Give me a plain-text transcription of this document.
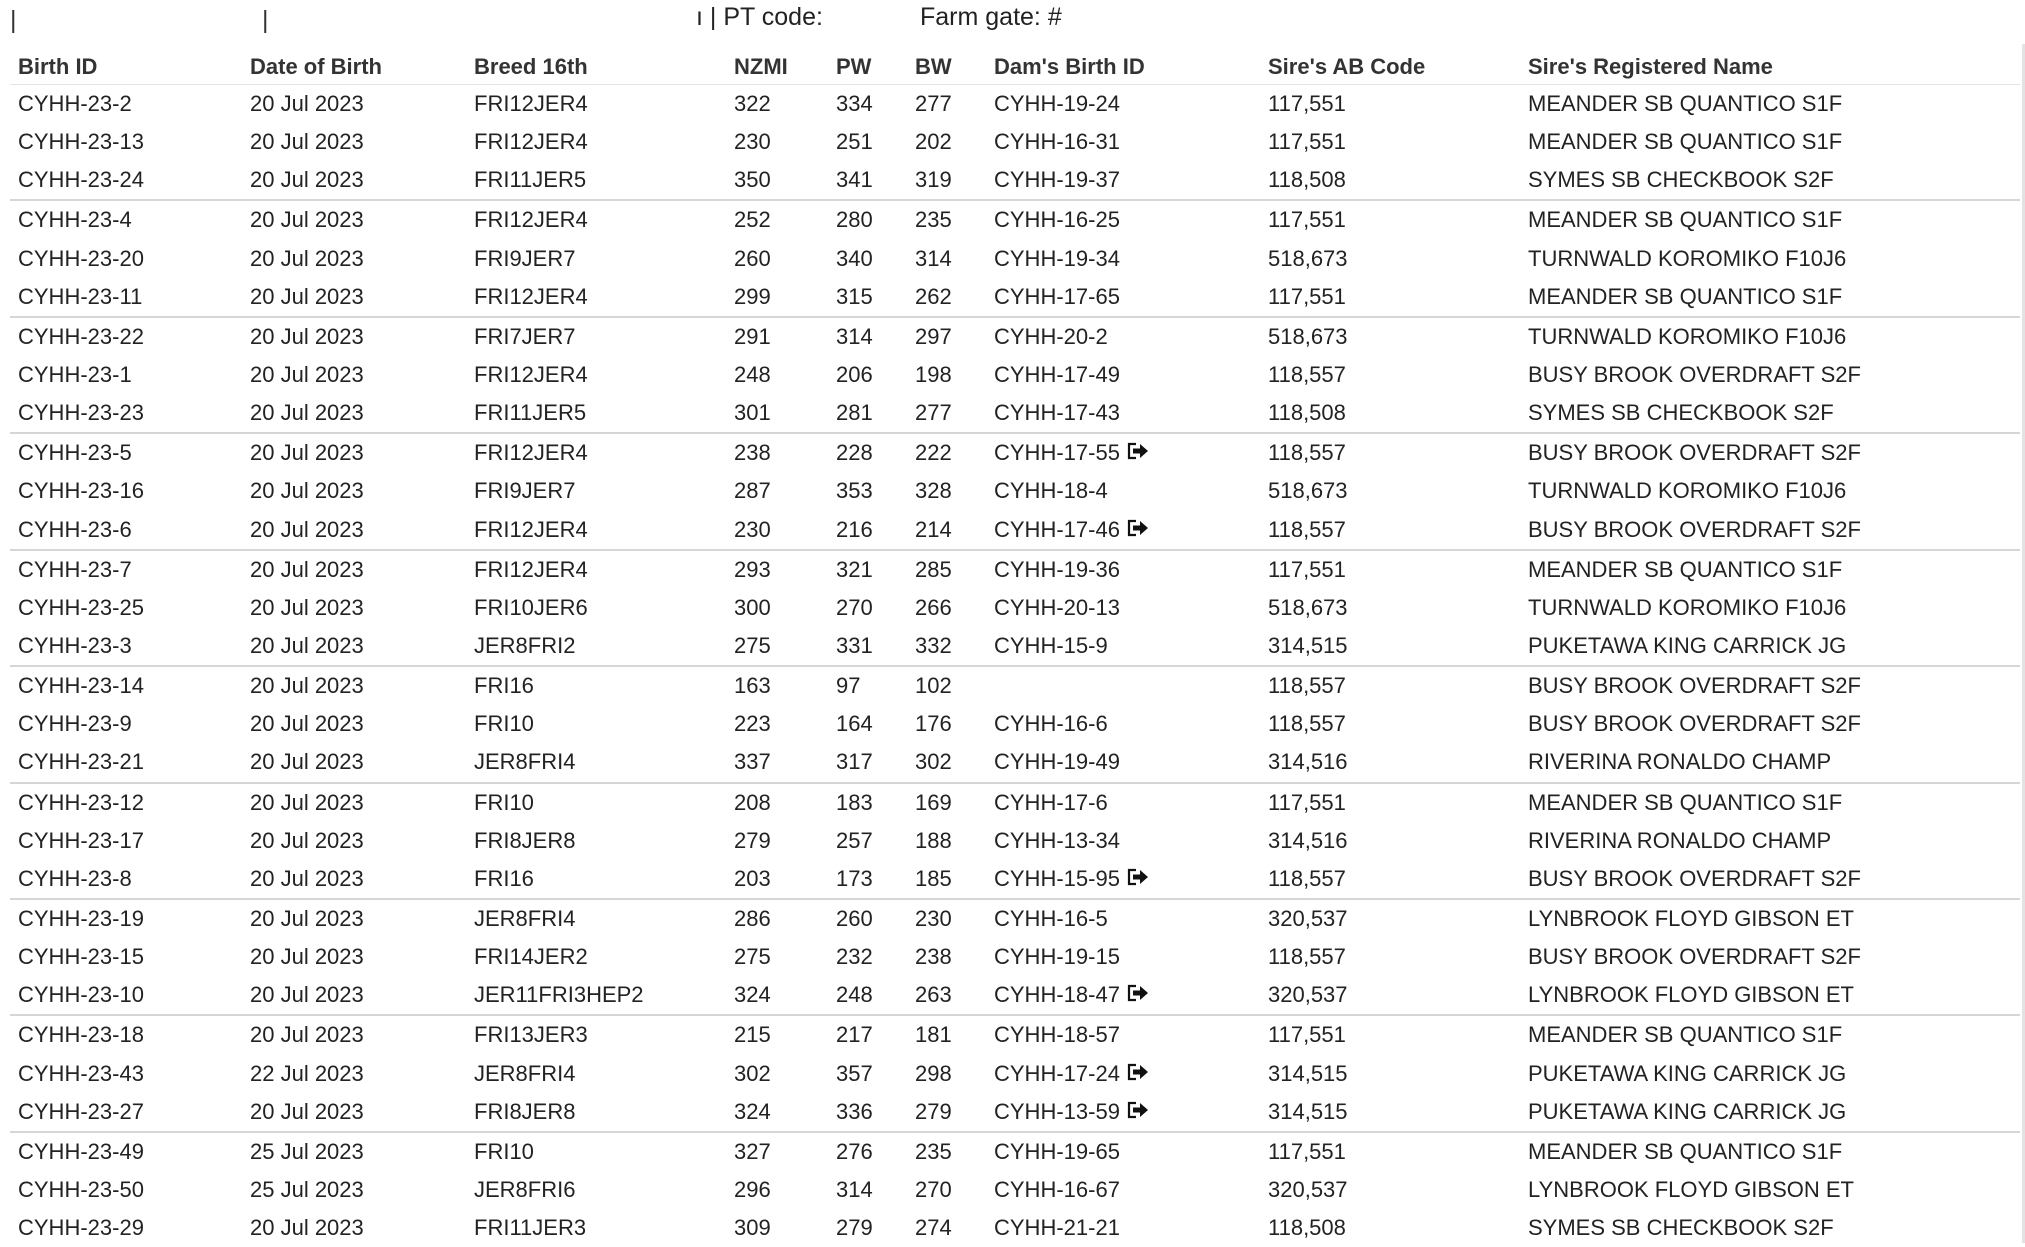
|	|	ı | PT code:	Farm gate: #
Birth ID	Date of Birth	Breed 16th	NZMI	PW	BW	Dam's Birth ID	Sire's AB Code	Sire's Registered Name
CYHH-23-2	20 Jul 2023	FRI12JER4	322	334	277	CYHH-19-24	117,551	MEANDER SB QUANTICO S1F
CYHH-23-13	20 Jul 2023	FRI12JER4	230	251	202	CYHH-16-31	117,551	MEANDER SB QUANTICO S1F
CYHH-23-24	20 Jul 2023	FRI11JER5	350	341	319	CYHH-19-37	118,508	SYMES SB CHECKBOOK S2F
CYHH-23-4	20 Jul 2023	FRI12JER4	252	280	235	CYHH-16-25	117,551	MEANDER SB QUANTICO S1F
CYHH-23-20	20 Jul 2023	FRI9JER7	260	340	314	CYHH-19-34	518,673	TURNWALD KOROMIKO F10J6
CYHH-23-11	20 Jul 2023	FRI12JER4	299	315	262	CYHH-17-65	117,551	MEANDER SB QUANTICO S1F
CYHH-23-22	20 Jul 2023	FRI7JER7	291	314	297	CYHH-20-2	518,673	TURNWALD KOROMIKO F10J6
CYHH-23-1	20 Jul 2023	FRI12JER4	248	206	198	CYHH-17-49	118,557	BUSY BROOK OVERDRAFT S2F
CYHH-23-23	20 Jul 2023	FRI11JER5	301	281	277	CYHH-17-43	118,508	SYMES SB CHECKBOOK S2F
CYHH-23-5	20 Jul 2023	FRI12JER4	238	228	222	CYHH-17-55	118,557	BUSY BROOK OVERDRAFT S2F
CYHH-23-16	20 Jul 2023	FRI9JER7	287	353	328	CYHH-18-4	518,673	TURNWALD KOROMIKO F10J6
CYHH-23-6	20 Jul 2023	FRI12JER4	230	216	214	CYHH-17-46	118,557	BUSY BROOK OVERDRAFT S2F
CYHH-23-7	20 Jul 2023	FRI12JER4	293	321	285	CYHH-19-36	117,551	MEANDER SB QUANTICO S1F
CYHH-23-25	20 Jul 2023	FRI10JER6	300	270	266	CYHH-20-13	518,673	TURNWALD KOROMIKO F10J6
CYHH-23-3	20 Jul 2023	JER8FRI2	275	331	332	CYHH-15-9	314,515	PUKETAWA KING CARRICK JG
CYHH-23-14	20 Jul 2023	FRI16	163	97	102		118,557	BUSY BROOK OVERDRAFT S2F
CYHH-23-9	20 Jul 2023	FRI10	223	164	176	CYHH-16-6	118,557	BUSY BROOK OVERDRAFT S2F
CYHH-23-21	20 Jul 2023	JER8FRI4	337	317	302	CYHH-19-49	314,516	RIVERINA RONALDO CHAMP
CYHH-23-12	20 Jul 2023	FRI10	208	183	169	CYHH-17-6	117,551	MEANDER SB QUANTICO S1F
CYHH-23-17	20 Jul 2023	FRI8JER8	279	257	188	CYHH-13-34	314,516	RIVERINA RONALDO CHAMP
CYHH-23-8	20 Jul 2023	FRI16	203	173	185	CYHH-15-95	118,557	BUSY BROOK OVERDRAFT S2F
CYHH-23-19	20 Jul 2023	JER8FRI4	286	260	230	CYHH-16-5	320,537	LYNBROOK FLOYD GIBSON ET
CYHH-23-15	20 Jul 2023	FRI14JER2	275	232	238	CYHH-19-15	118,557	BUSY BROOK OVERDRAFT S2F
CYHH-23-10	20 Jul 2023	JER11FRI3HEP2	324	248	263	CYHH-18-47	320,537	LYNBROOK FLOYD GIBSON ET
CYHH-23-18	20 Jul 2023	FRI13JER3	215	217	181	CYHH-18-57	117,551	MEANDER SB QUANTICO S1F
CYHH-23-43	22 Jul 2023	JER8FRI4	302	357	298	CYHH-17-24	314,515	PUKETAWA KING CARRICK JG
CYHH-23-27	20 Jul 2023	FRI8JER8	324	336	279	CYHH-13-59	314,515	PUKETAWA KING CARRICK JG
CYHH-23-49	25 Jul 2023	FRI10	327	276	235	CYHH-19-65	117,551	MEANDER SB QUANTICO S1F
CYHH-23-50	25 Jul 2023	JER8FRI6	296	314	270	CYHH-16-67	320,537	LYNBROOK FLOYD GIBSON ET
CYHH-23-29	20 Jul 2023	FRI11JER3	309	279	274	CYHH-21-21	118,508	SYMES SB CHECKBOOK S2F
